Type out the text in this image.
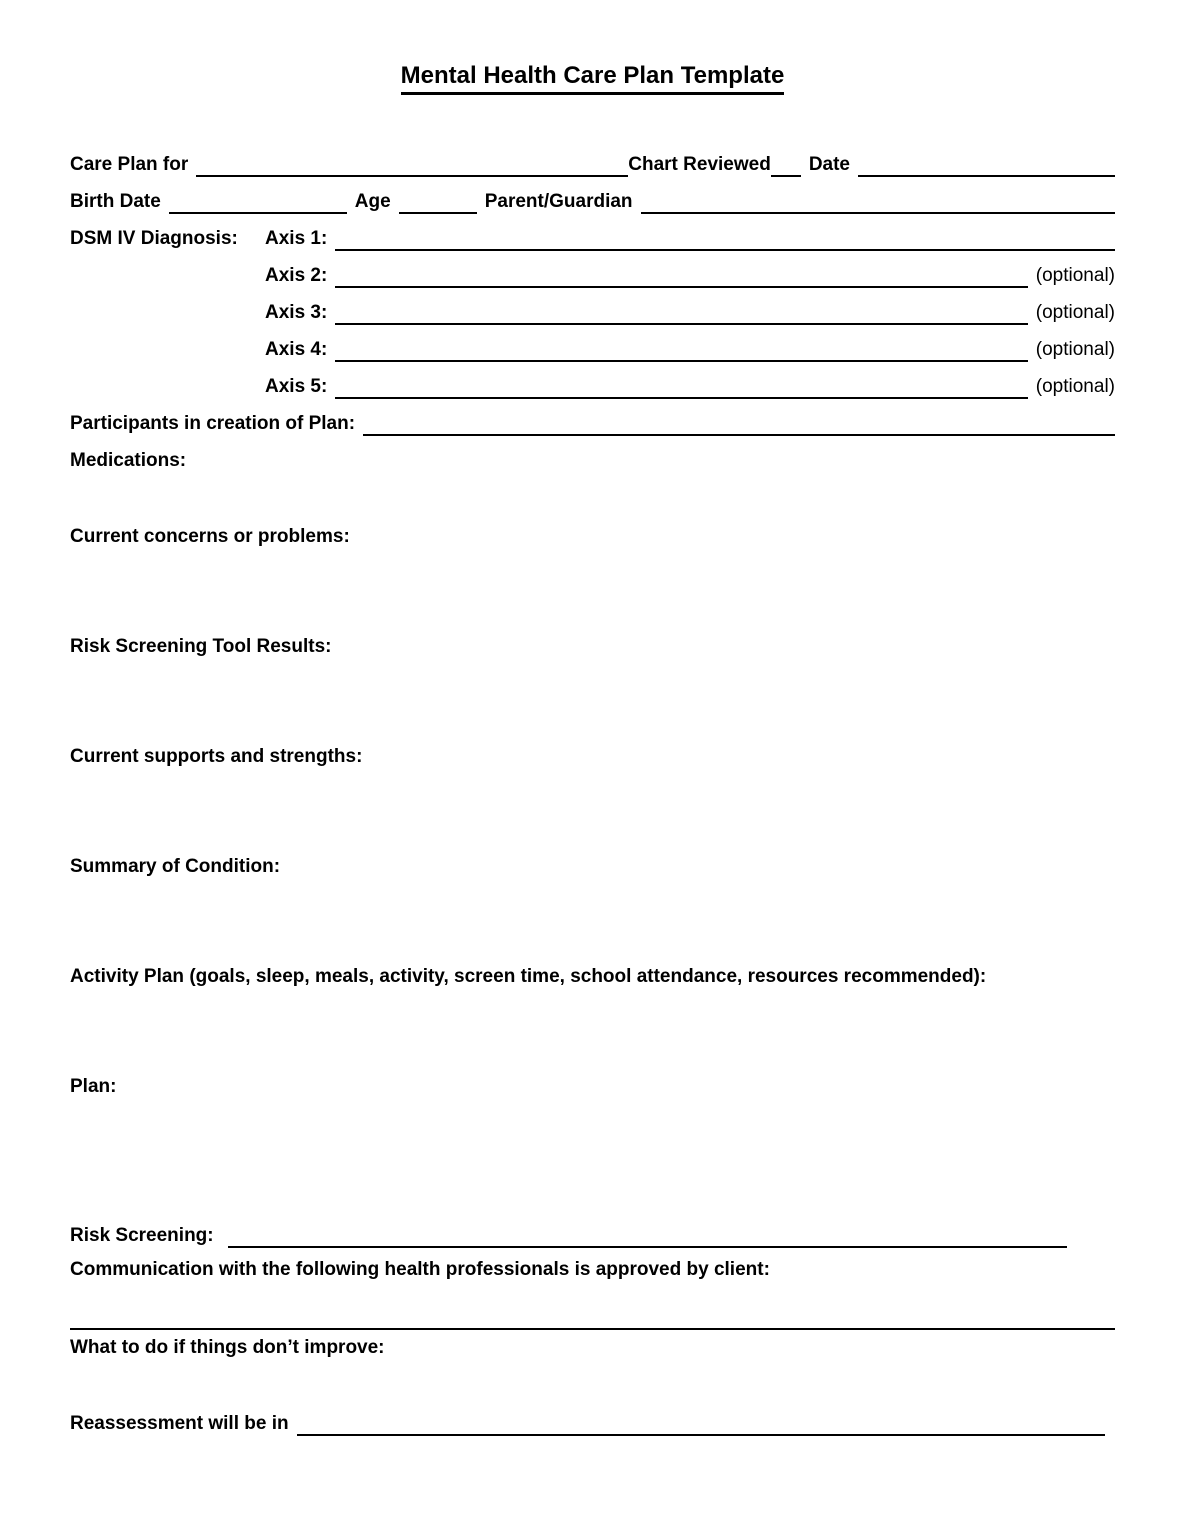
Mental Health Care Plan Template
Care Plan for	Chart Reviewed Date
Birth Date	Age	Parent/Guardian
DSM IV Diagnosis:	Axis 1:
Axis 2:	(optional)
Axis 3:	(optional)
Axis 4:	(optional)
Axis 5:	(optional)
Participants in creation of Plan:
Medications:
Current concerns or problems:
Risk Screening Tool Results:
Current supports and strengths:
Summary of Condition:
Activity Plan (goals, sleep, meals, activity, screen time, school attendance, resources recommended):
Plan:
Risk Screening:
Communication with the following health professionals is approved by client:
What to do if things don’t improve:
Reassessment will be in
